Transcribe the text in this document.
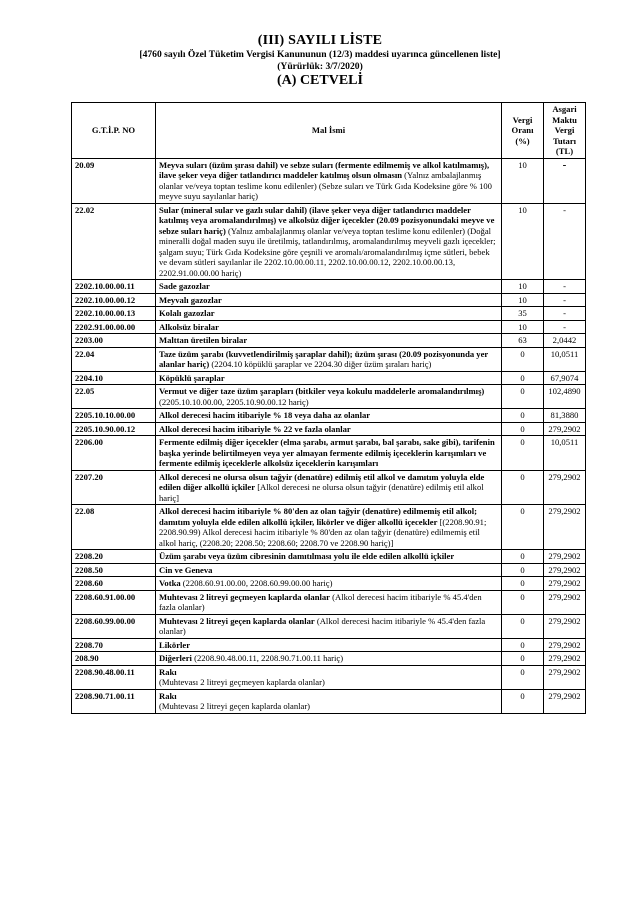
(III) SAYILI LİSTE
[4760 sayılı Özel Tüketim Vergisi Kanununun (12/3) maddesi uyarınca güncellenen liste]
(Yürürlük: 3/7/2020)
(A) CETVELİ
G.T.İ.P. NO	Mal İsmi	Vergi Oranı (%)	Asgari Maktu Vergi Tutarı (TL)
20.09	Meyva suları (üzüm şırası dahil) ve sebze suları (fermente edilmemiş ve alkol katılmamış), ilave şeker veya diğer tatlandırıcı maddeler katılmış olsun olmasın (Yalnız ambalajlanmış olanlar ve/veya toptan teslime konu edilenler) (Sebze suları ve Türk Gıda Kodeksine göre % 100 meyve suyu sayılanlar hariç)	10	-
22.02	Sular (mineral sular ve gazlı sular dahil) (ilave şeker veya diğer tatlandırıcı maddeler katılmış veya aromalandırılmış) ve alkolsüz diğer içecekler (20.09 pozisyonundaki meyve ve sebze suları hariç) (Yalnız ambalajlanmış olanlar ve/veya toptan teslime konu edilenler) (Doğal mineralli doğal maden suyu ile üretilmiş, tatlandırılmış, aromalandırılmış meyveli gazlı içecekler; şalgam suyu; Türk Gıda Kodeksine göre çeşnili ve aromalı/aromalandırılmış içme sütleri, bebek ve devam sütleri sayılanlar ile 2202.10.00.00.11, 2202.10.00.00.12, 2202.10.00.00.13, 2202.91.00.00.00 hariç)	10	-
2202.10.00.00.11	Sade gazozlar	10	-
2202.10.00.00.12	Meyvalı gazozlar	10	-
2202.10.00.00.13	Kolalı gazozlar	35	-
2202.91.00.00.00	Alkolsüz biralar	10	-
2203.00	Malttan üretilen biralar	63	2,0442
22.04	Taze üzüm şarabı (kuvvetlendirilmiş şaraplar dahil); üzüm şırası (20.09 pozisyonunda yer alanlar hariç) (2204.10 köpüklü şaraplar ve 2204.30 diğer üzüm şıraları hariç)	0	10,0511
2204.10	Köpüklü şaraplar	0	67,9074
22.05	Vermut ve diğer taze üzüm şarapları (bitkiler veya kokulu maddelerle aromalandırılmış) (2205.10.10.00.00, 2205.10.90.00.12 hariç)	0	102,4890
2205.10.10.00.00	Alkol derecesi hacim itibariyle % 18 veya daha az olanlar	0	81,3880
2205.10.90.00.12	Alkol derecesi hacim itibariyle % 22 ve fazla olanlar	0	279,2902
2206.00	Fermente edilmiş diğer içecekler (elma şarabı, armut şarabı, bal şarabı, sake gibi), tarifenin başka yerinde belirtilmeyen veya yer almayan fermente edilmiş içeceklerin karışımları ve fermente edilmiş içeceklerle alkolsüz içeceklerin karışımları	0	10,0511
2207.20	Alkol derecesi ne olursa olsun tağyir (denatüre) edilmiş etil alkol ve damıtım yoluyla elde edilen diğer alkollü içkiler [Alkol derecesi ne olursa olsun tağyir (denatüre) edilmiş etil alkol hariç]	0	279,2902
22.08	Alkol derecesi hacim itibariyle % 80'den az olan tağyir (denatüre) edilmemiş etil alkol; damıtım yoluyla elde edilen alkollü içkiler, likörler ve diğer alkollü içecekler [(2208.90.91; 2208.90.99) Alkol derecesi hacim itibariyle % 80'den az olan tağyir (denatüre) edilmemiş etil alkol hariç, (2208.20; 2208.50; 2208.60; 2208.70 ve 2208.90 hariç)]	0	279,2902
2208.20	Üzüm şarabı veya üzüm cibresinin damıtılması yolu ile elde edilen alkollü içkiler	0	279,2902
2208.50	Cin ve Geneva	0	279,2902
2208.60	Votka (2208.60.91.00.00, 2208.60.99.00.00 hariç)	0	279,2902
2208.60.91.00.00	Muhtevası 2 litreyi geçmeyen kaplarda olanlar (Alkol derecesi hacim itibariyle % 45.4'den fazla olanlar)	0	279,2902
2208.60.99.00.00	Muhtevası 2 litreyi geçen kaplarda olanlar (Alkol derecesi hacim itibariyle % 45.4'den fazla olanlar)	0	279,2902
2208.70	Likörler	0	279,2902
208.90	Diğerleri (2208.90.48.00.11, 2208.90.71.00.11 hariç)	0	279,2902
2208.90.48.00.11	Rakı
(Muhtevası 2 litreyi geçmeyen kaplarda olanlar)	0	279,2902
2208.90.71.00.11	Rakı
(Muhtevası 2 litreyi geçen kaplarda olanlar)	0	279,2902
